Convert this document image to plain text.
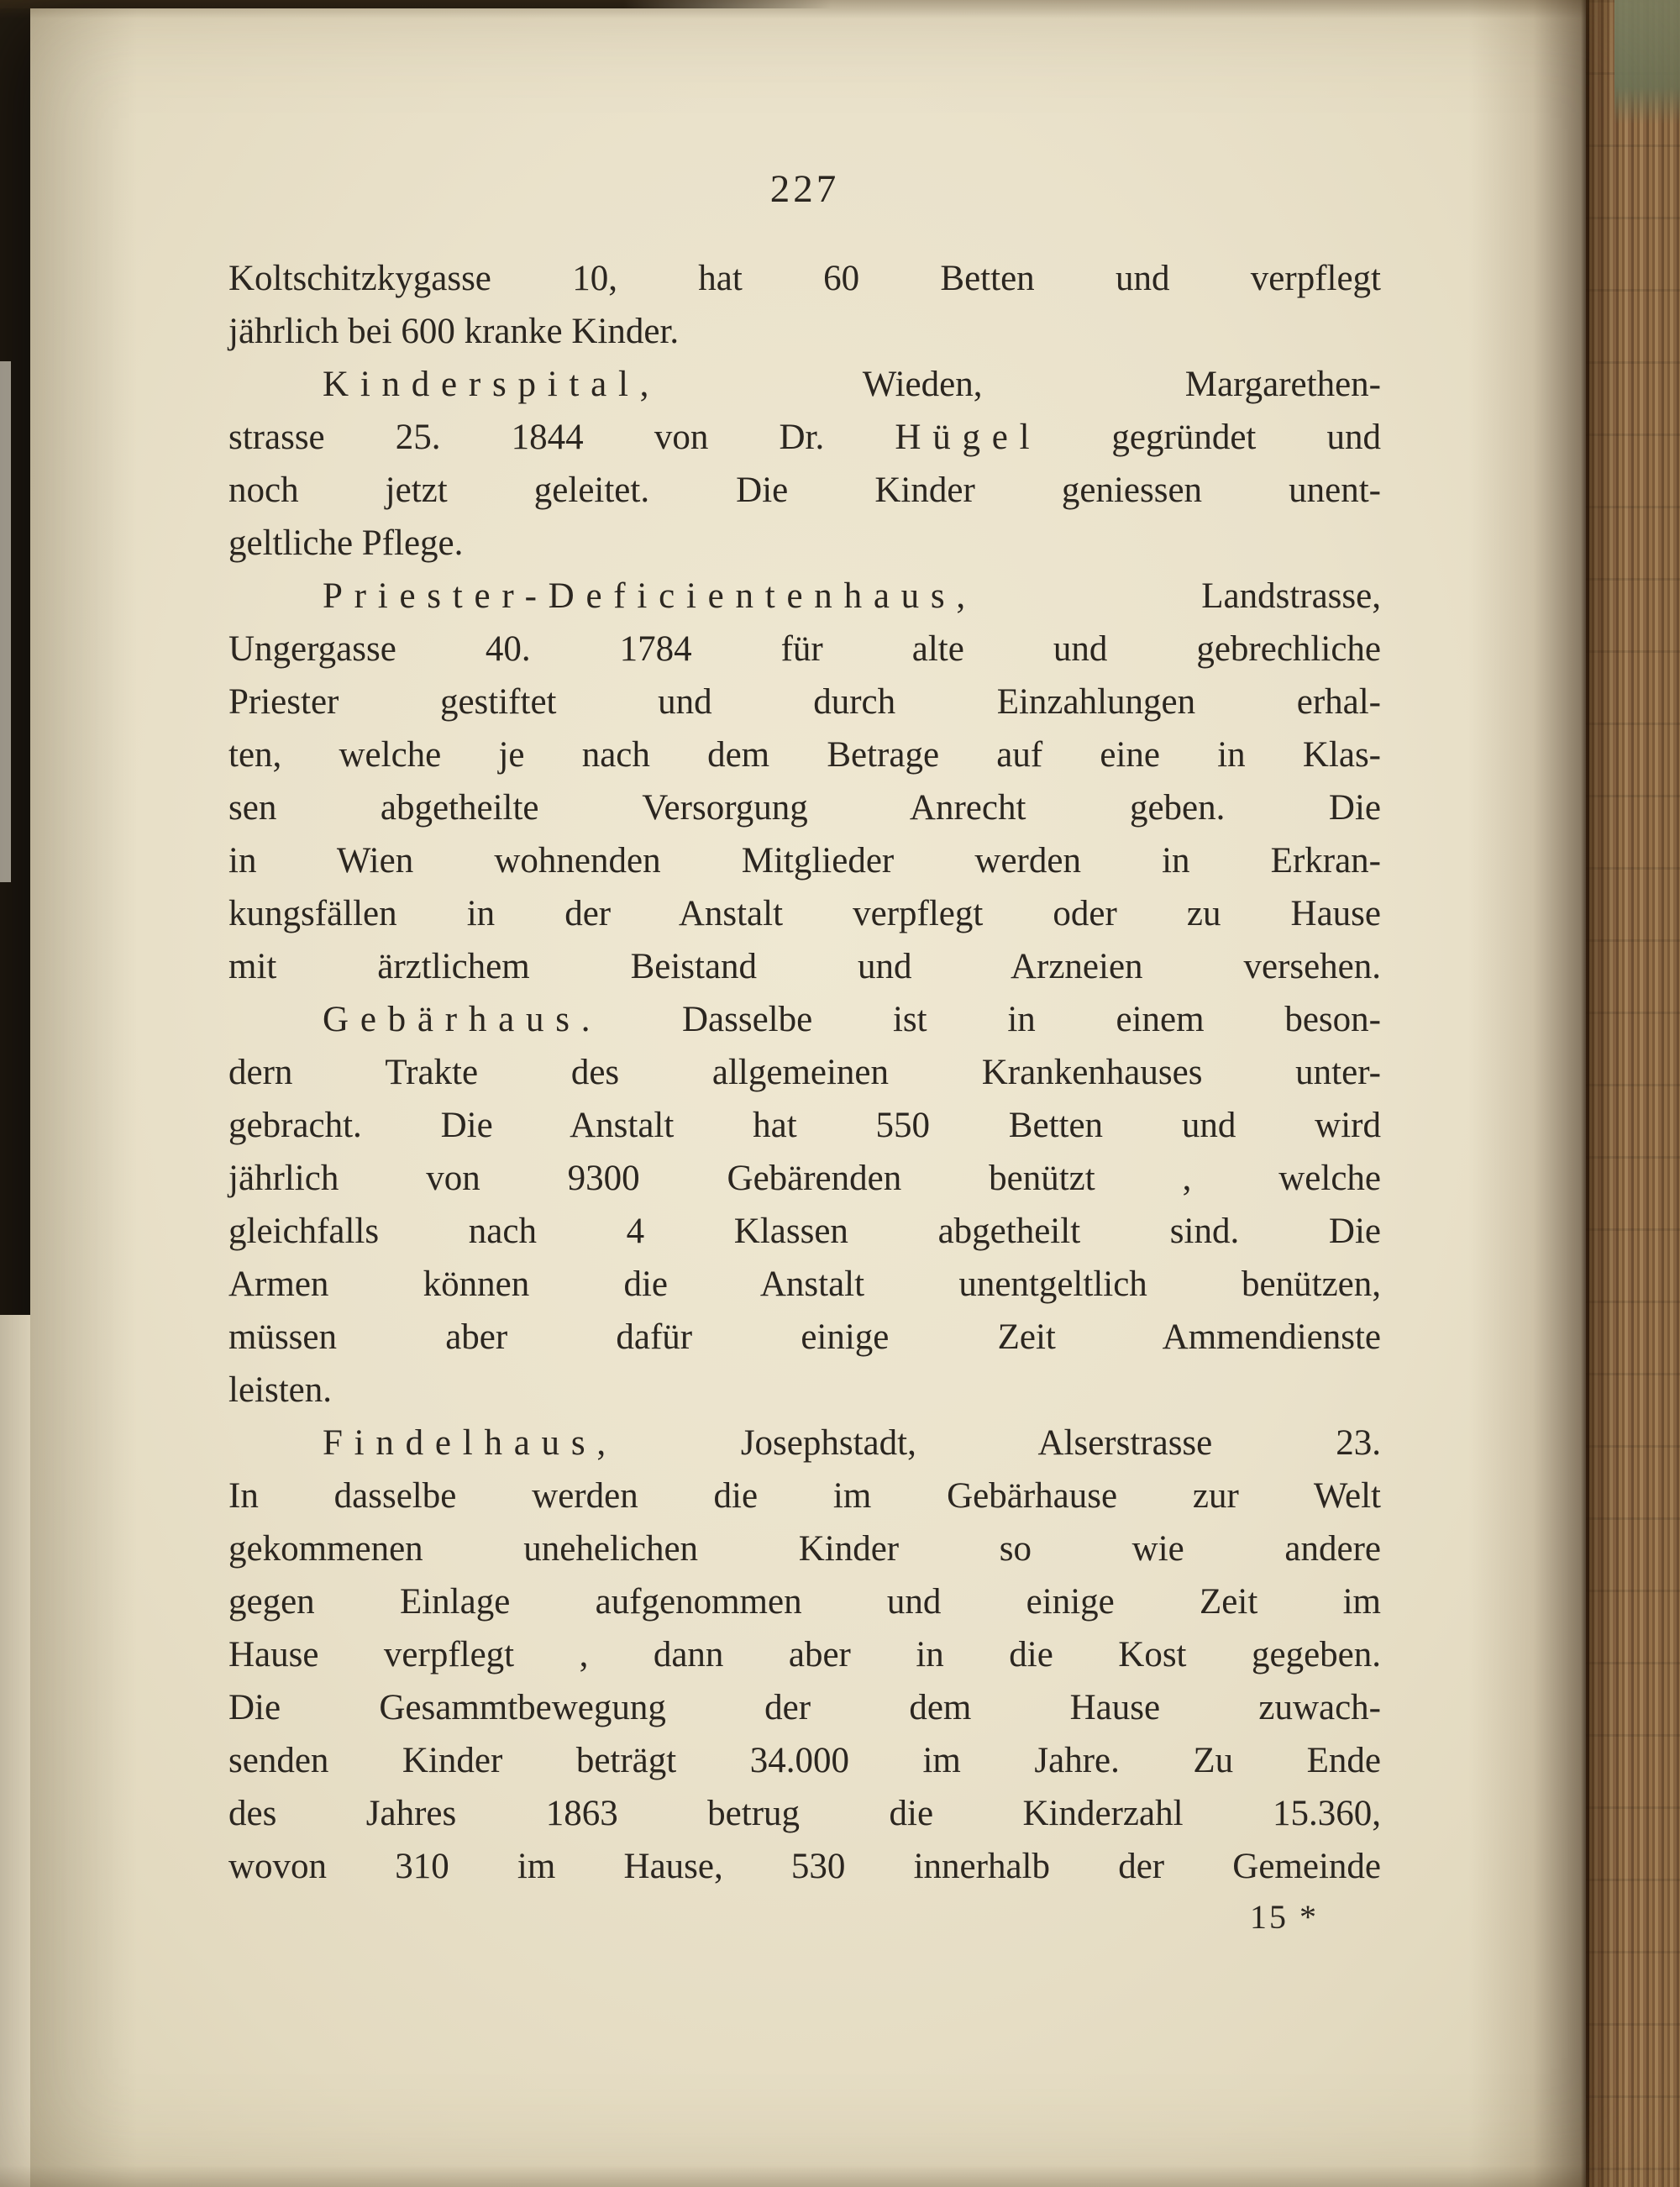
227
Koltschitzkygasse 10, hat 60 Betten und verpflegt
jährlich bei 600 kranke Kinder.
Kinderspital, Wieden, Margarethen-
strasse 25. 1844 von Dr. Hügel gegründet und
noch jetzt geleitet. Die Kinder geniessen unent-
geltliche Pflege.
Priester-Deficientenhaus, Landstrasse,
Ungergasse 40. 1784 für alte und gebrechliche
Priester gestiftet und durch Einzahlungen erhal-
ten, welche je nach dem Betrage auf eine in Klas-
sen abgetheilte Versorgung Anrecht geben. Die
in Wien wohnenden Mitglieder werden in Erkran-
kungsfällen in der Anstalt verpflegt oder zu Hause
mit ärztlichem Beistand und Arzneien versehen.
Gebärhaus. Dasselbe ist in einem beson-
dern Trakte des allgemeinen Krankenhauses unter-
gebracht. Die Anstalt hat 550 Betten und wird
jährlich von 9300 Gebärenden benützt , welche
gleichfalls nach 4 Klassen abgetheilt sind. Die
Armen können die Anstalt unentgeltlich benützen,
müssen aber dafür einige Zeit Ammendienste
leisten.
Findelhaus, Josephstadt, Alserstrasse 23.
In dasselbe werden die im Gebärhause zur Welt
gekommenen unehelichen Kinder so wie andere
gegen Einlage aufgenommen und einige Zeit im
Hause verpflegt , dann aber in die Kost gegeben.
Die Gesammtbewegung der dem Hause zuwach-
senden Kinder beträgt 34.000 im Jahre. Zu Ende
des Jahres 1863 betrug die Kinderzahl 15.360,
wovon 310 im Hause, 530 innerhalb der Gemeinde
15 *
